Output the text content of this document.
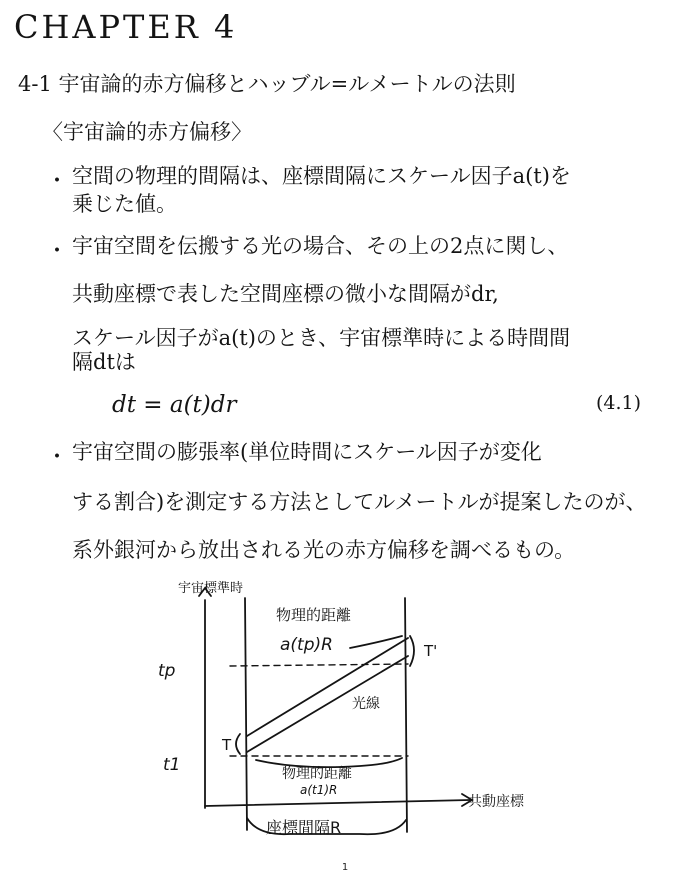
CHAPTER 4
4-1 宇宙論的赤方偏移とハッブル=ルメートルの法則
〈宇宙論的赤方偏移〉
・ 空間の物理的間隔は、座標間隔にスケール因子a(t)を
乗じた値。
・ 宇宙空間を伝搬する光の場合、その上の2点に関し、
共動座標で表した空間座標の微小な間隔がdr,
スケール因子がa(t)のとき、宇宙標準時による時間間
隔dtは
dt = a(t)dr	(4.1)
・ 宇宙空間の膨張率(単位時間にスケール因子が変化
する割合)を測定する方法としてルメートルが提案したのが、
系外銀河から放出される光の赤方偏移を調べるもの。
宇宙標準時
共動座標
tp
t1
物理的距離
a(tp)R
光線
T
T'
物理的距離
a(t1)R
座標間隔R
1
